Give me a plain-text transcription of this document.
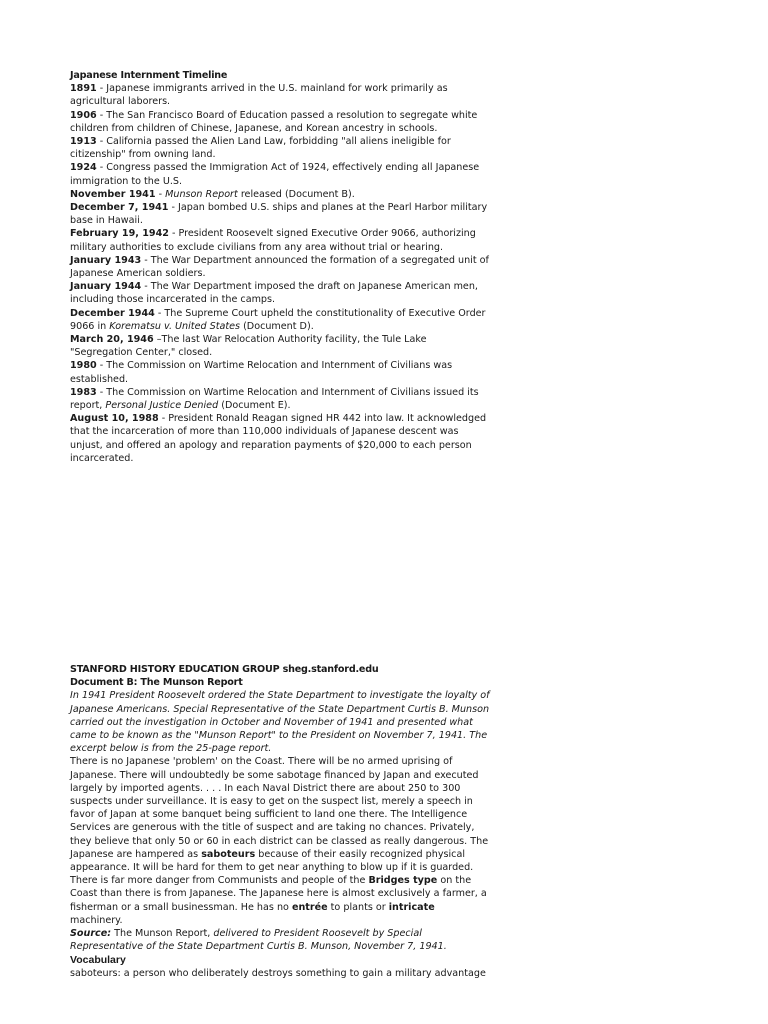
Japanese Internment Timeline

1891 - Japanese immigrants arrived in the U.S. mainland for work primarily as agricultural laborers.

1906 - The San Francisco Board of Education passed a resolution to segregate white children from children of Chinese, Japanese, and Korean ancestry in schools.

1913 - California passed the Alien Land Law, forbidding "all aliens ineligible for citizenship" from owning land.

1924 - Congress passed the Immigration Act of 1924, effectively ending all Japanese immigration to the U.S.

November 1941 - Munson Report released (Document B).

December 7, 1941 - Japan bombed U.S. ships and planes at the Pearl Harbor military base in Hawaii.

February 19, 1942 - President Roosevelt signed Executive Order 9066, authorizing military authorities to exclude civilians from any area without trial or hearing.

January 1943 - The War Department announced the formation of a segregated unit of Japanese American soldiers.

January 1944 - The War Department imposed the draft on Japanese American men, including those incarcerated in the camps.

December 1944 - The Supreme Court upheld the constitutionality of Executive Order 9066 in Korematsu v. United States (Document D).

March 20, 1946 –The last War Relocation Authority facility, the Tule Lake "Segregation Center," closed.

1980 - The Commission on Wartime Relocation and Internment of Civilians was established.

1983 - The Commission on Wartime Relocation and Internment of Civilians issued its report, Personal Justice Denied (Document E).

August 10, 1988 - President Ronald Reagan signed HR 442 into law. It acknowledged that the incarceration of more than 110,000 individuals of Japanese descent was unjust, and offered an apology and reparation payments of $20,000 to each person incarcerated.

STANFORD HISTORY EDUCATION GROUP sheg.stanford.edu
Document B: The Munson Report

In 1941 President Roosevelt ordered the State Department to investigate the loyalty of Japanese Americans. Special Representative of the State Department Curtis B. Munson carried out the investigation in October and November of 1941 and presented what came to be known as the "Munson Report" to the President on November 7, 1941. The excerpt below is from the 25-page report.

There is no Japanese 'problem' on the Coast. There will be no armed uprising of Japanese. There will undoubtedly be some sabotage financed by Japan and executed largely by imported agents. . . . In each Naval District there are about 250 to 300 suspects under surveillance. It is easy to get on the suspect list, merely a speech in favor of Japan at some banquet being sufficient to land one there. The Intelligence Services are generous with the title of suspect and are taking no chances. Privately, they believe that only 50 or 60 in each district can be classed as really dangerous. The Japanese are hampered as saboteurs because of their easily recognized physical appearance. It will be hard for them to get near anything to blow up if it is guarded. There is far more danger from Communists and people of the Bridges type on the Coast than there is from Japanese. The Japanese here is almost exclusively a farmer, a fisherman or a small businessman. He has no entrée to plants or intricate machinery.

Source: The Munson Report, delivered to President Roosevelt by Special Representative of the State Department Curtis B. Munson, November 7, 1941.

Vocabulary

saboteurs: a person who deliberately destroys something to gain a military advantage
